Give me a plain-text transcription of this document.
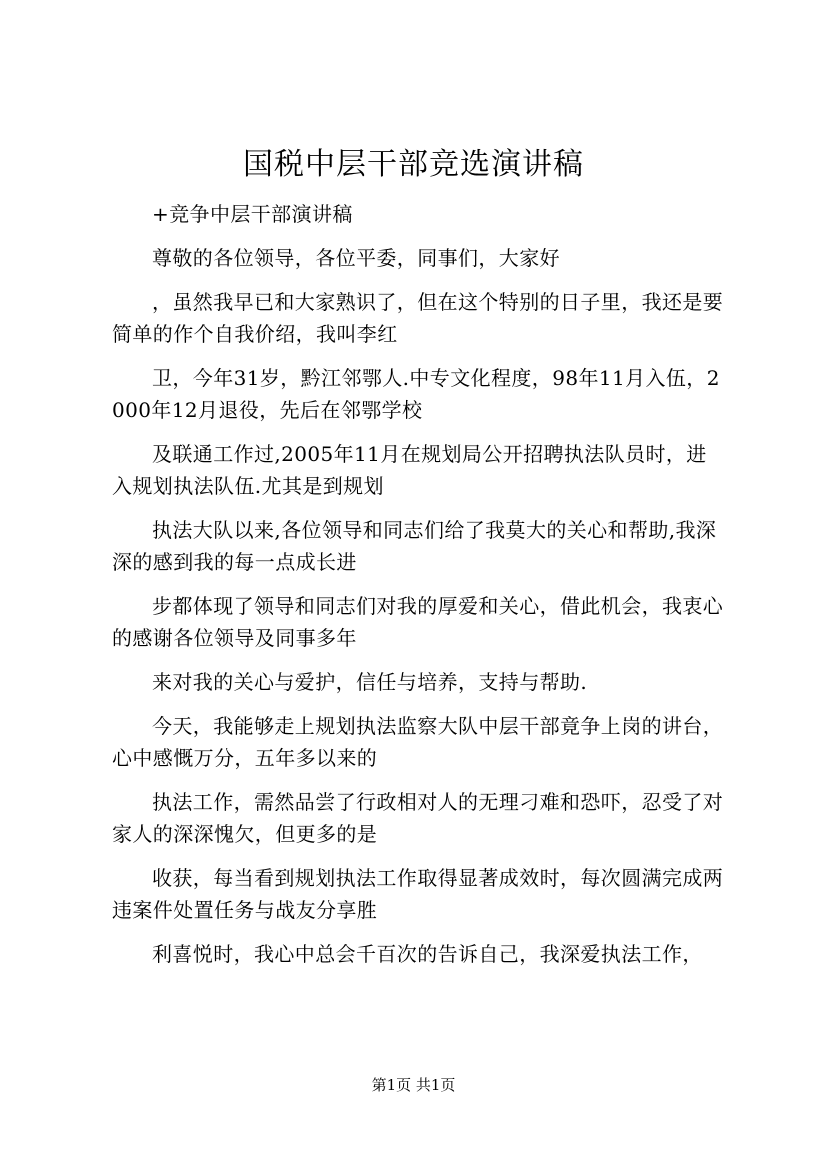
国税中层干部竞选演讲稿

+竞争中层干部演讲稿

尊敬的各位领导，各位平委，同事们，大家好

，虽然我早已和大家熟识了，但在这个特别的日子里，我还是要简单的作个自我价绍，我叫李红

卫，今年31岁，黔江邻鄂人.中专文化程度，98年11月入伍，2000年12月退役，先后在邻鄂学校

及联通工作过,2005年11月在规划局公开招聘执法队员时，进入规划执法队伍.尤其是到规划

执法大队以来,各位领导和同志们给了我莫大的关心和帮助,我深深的感到我的每一点成长进

步都体现了领导和同志们对我的厚爱和关心，借此机会，我衷心的感谢各位领导及同事多年

来对我的关心与爱护，信任与培养，支持与帮助.

今天，我能够走上规划执法监察大队中层干部竟争上岗的讲台，心中感慨万分，五年多以来的

执法工作，需然品尝了行政相对人的无理刁难和恐吓，忍受了对家人的深深愧欠，但更多的是

收获，每当看到规划执法工作取得显著成效时，每次圆满完成两违案件处置任务与战友分享胜

利喜悦时，我心中总会千百次的告诉自己，我深爱执法工作，

第1页 共1页
